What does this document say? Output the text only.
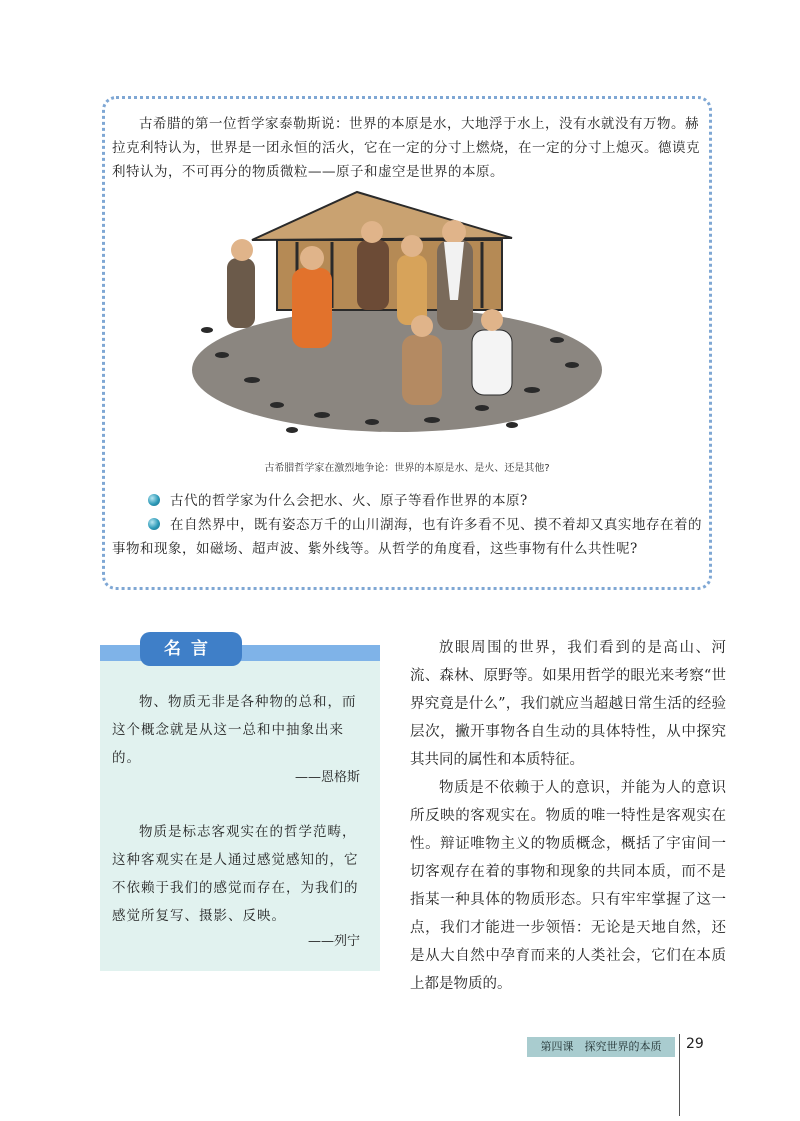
古希腊的第一位哲学家泰勒斯说：世界的本原是水，大地浮于水上，没有水就没有万物。赫拉克利特认为，世界是一团永恒的活火，它在一定的分寸上燃烧，在一定的分寸上熄灭。德谟克利特认为，不可再分的物质微粒——原子和虚空是世界的本原。

古希腊哲学家在激烈地争论：世界的本原是水、是火、还是其他?
古代的哲学家为什么会把水、火、原子等看作世界的本原?
在自然界中，既有姿态万千的山川湖海，也有许多看不见、摸不着却又真实地存在着的事物和现象，如磁场、超声波、紫外线等。从哲学的角度看，这些事物有什么共性呢?
名言

物、物质无非是各种物的总和，而这个概念就是从这一总和中抽象出来的。

——恩格斯

物质是标志客观实在的哲学范畴，这种客观实在是人通过感觉感知的，它不依赖于我们的感觉而存在，为我们的感觉所复写、摄影、反映。

——列宁

放眼周围的世界，我们看到的是高山、河流、森林、原野等。如果用哲学的眼光来考察“世界究竟是什么”，我们就应当超越日常生活的经验层次，撇开事物各自生动的具体特性，从中探究其共同的属性和本质特征。

物质是不依赖于人的意识，并能为人的意识所反映的客观实在。物质的唯一特性是客观实在性。辩证唯物主义的物质概念，概括了宇宙间一切客观存在着的事物和现象的共同本质，而不是指某一种具体的物质形态。只有牢牢掌握了这一点，我们才能进一步领悟：无论是天地自然，还是从大自然中孕育而来的人类社会，它们在本质上都是物质的。

第四课　探究世界的本质	29
